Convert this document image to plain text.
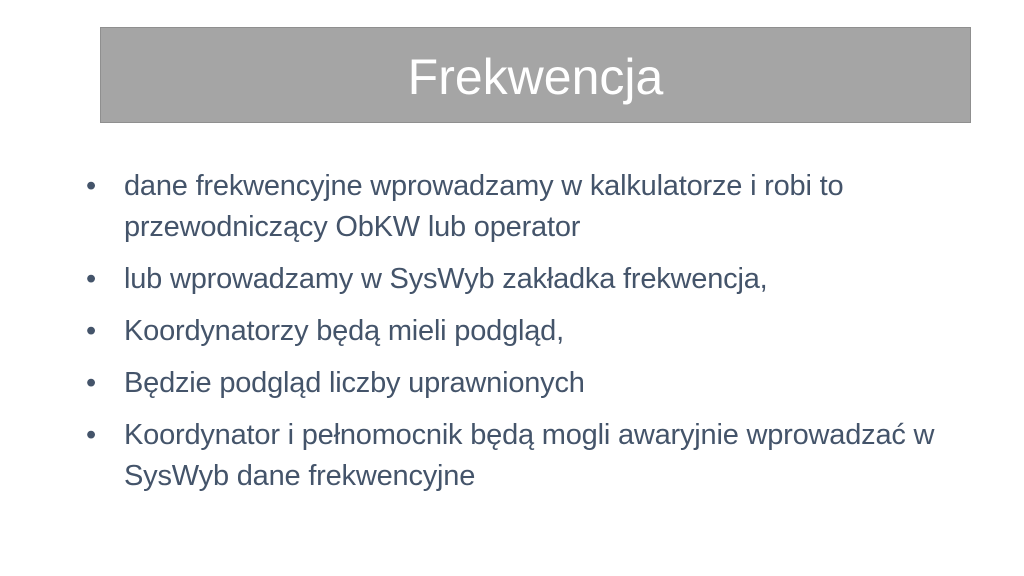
Frekwencja
• dane frekwencyjne wprowadzamy w kalkulatorze i robi to przewodniczący ObKW lub operator
• lub wprowadzamy w SysWyb zakładka frekwencja,
• Koordynatorzy będą mieli podgląd,
• Będzie podgląd liczby uprawnionych
• Koordynator i pełnomocnik będą mogli awaryjnie wprowadzać w SysWyb dane frekwencyjne
